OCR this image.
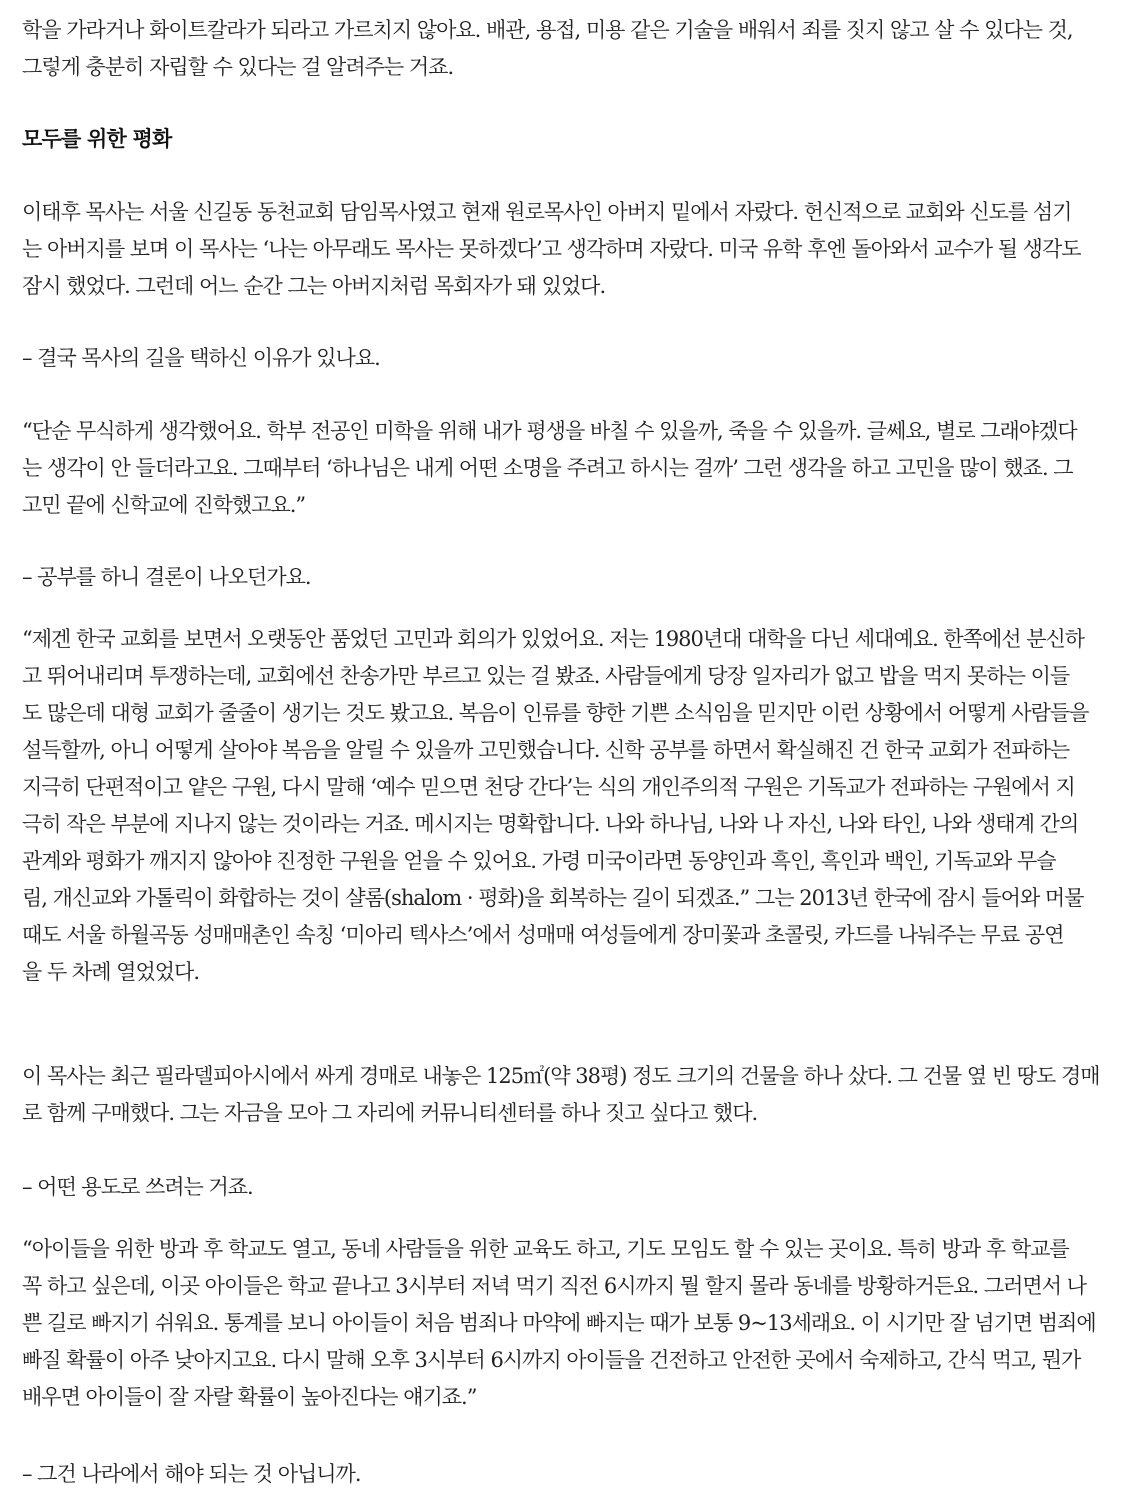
학을 가라거나 화이트칼라가 되라고 가르치지 않아요. 배관, 용접, 미용 같은 기술을 배워서 죄를 짓지 않고 살 수 있다는 것,
그렇게 충분히 자립할 수 있다는 걸 알려주는 거죠.

모두를 위한 평화

이태후 목사는 서울 신길동 동천교회 담임목사였고 현재 원로목사인 아버지 밑에서 자랐다. 헌신적으로 교회와 신도를 섬기
는 아버지를 보며 이 목사는 ‘나는 아무래도 목사는 못하겠다’고 생각하며 자랐다. 미국 유학 후엔 돌아와서 교수가 될 생각도
잠시 했었다. 그런데 어느 순간 그는 아버지처럼 목회자가 돼 있었다.

– 결국 목사의 길을 택하신 이유가 있나요.

“단순 무식하게 생각했어요. 학부 전공인 미학을 위해 내가 평생을 바칠 수 있을까, 죽을 수 있을까. 글쎄요, 별로 그래야겠다
는 생각이 안 들더라고요. 그때부터 ‘하나님은 내게 어떤 소명을 주려고 하시는 걸까’ 그런 생각을 하고 고민을 많이 했죠. 그
고민 끝에 신학교에 진학했고요.”

– 공부를 하니 결론이 나오던가요.

“제겐 한국 교회를 보면서 오랫동안 품었던 고민과 회의가 있었어요. 저는 1980년대 대학을 다닌 세대예요. 한쪽에선 분신하
고 뛰어내리며 투쟁하는데, 교회에선 찬송가만 부르고 있는 걸 봤죠. 사람들에게 당장 일자리가 없고 밥을 먹지 못하는 이들
도 많은데 대형 교회가 줄줄이 생기는 것도 봤고요. 복음이 인류를 향한 기쁜 소식임을 믿지만 이런 상황에서 어떻게 사람들을
설득할까, 아니 어떻게 살아야 복음을 알릴 수 있을까 고민했습니다. 신학 공부를 하면서 확실해진 건 한국 교회가 전파하는
지극히 단편적이고 얕은 구원, 다시 말해 ‘예수 믿으면 천당 간다’는 식의 개인주의적 구원은 기독교가 전파하는 구원에서 지
극히 작은 부분에 지나지 않는 것이라는 거죠. 메시지는 명확합니다. 나와 하나님, 나와 나 자신, 나와 타인, 나와 생태계 간의
관계와 평화가 깨지지 않아야 진정한 구원을 얻을 수 있어요. 가령 미국이라면 동양인과 흑인, 흑인과 백인, 기독교와 무슬
림, 개신교와 가톨릭이 화합하는 것이 샬롬(shalom · 평화)을 회복하는 길이 되겠죠.” 그는 2013년 한국에 잠시 들어와 머물
때도 서울 하월곡동 성매매촌인 속칭 ‘미아리 텍사스’에서 성매매 여성들에게 장미꽃과 초콜릿, 카드를 나눠주는 무료 공연
을 두 차례 열었었다.

이 목사는 최근 필라델피아시에서 싸게 경매로 내놓은 125㎡(약 38평) 정도 크기의 건물을 하나 샀다. 그 건물 옆 빈 땅도 경매
로 함께 구매했다. 그는 자금을 모아 그 자리에 커뮤니티센터를 하나 짓고 싶다고 했다.

– 어떤 용도로 쓰려는 거죠.

“아이들을 위한 방과 후 학교도 열고, 동네 사람들을 위한 교육도 하고, 기도 모임도 할 수 있는 곳이요. 특히 방과 후 학교를
꼭 하고 싶은데, 이곳 아이들은 학교 끝나고 3시부터 저녁 먹기 직전 6시까지 뭘 할지 몰라 동네를 방황하거든요. 그러면서 나
쁜 길로 빠지기 쉬워요. 통계를 보니 아이들이 처음 범죄나 마약에 빠지는 때가 보통 9~13세래요. 이 시기만 잘 넘기면 범죄에
빠질 확률이 아주 낮아지고요. 다시 말해 오후 3시부터 6시까지 아이들을 건전하고 안전한 곳에서 숙제하고, 간식 먹고, 뭔가
배우면 아이들이 잘 자랄 확률이 높아진다는 얘기죠.”

– 그건 나라에서 해야 되는 것 아닙니까.
